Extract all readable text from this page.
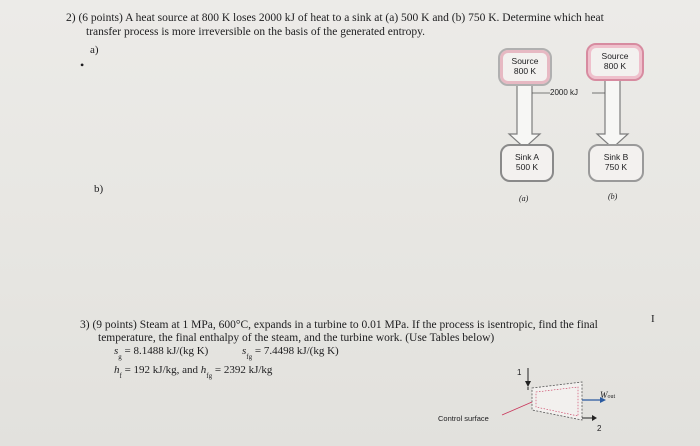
2) (6 points) A heat source at 800 K loses 2000 kJ of heat to a sink at (a) 500 K and (b) 750 K. Determine which heat
transfer process is more irreversible on the basis of the generated entropy.
a)
•
b)
Source
800 K
Source
800 K
Sink A
500 K
Sink B
750 K
2000 kJ
(a)	(b)
I
3) (9 points) Steam at 1 MPa, 600°C, expands in a turbine to 0.01 MPa. If the process is isentropic, find the final
temperature, the final enthalpy of the steam, and the turbine work. (Use Tables below)
$s_g = 8.1488$ kJ/(kg K)	$s_{fg} = 7.4498$ kJ/(kg K)
$h_f = 192$ kJ/kg, and $h_{fg} = 2392$ kJ/kg	1
2
Wout
Control surface
